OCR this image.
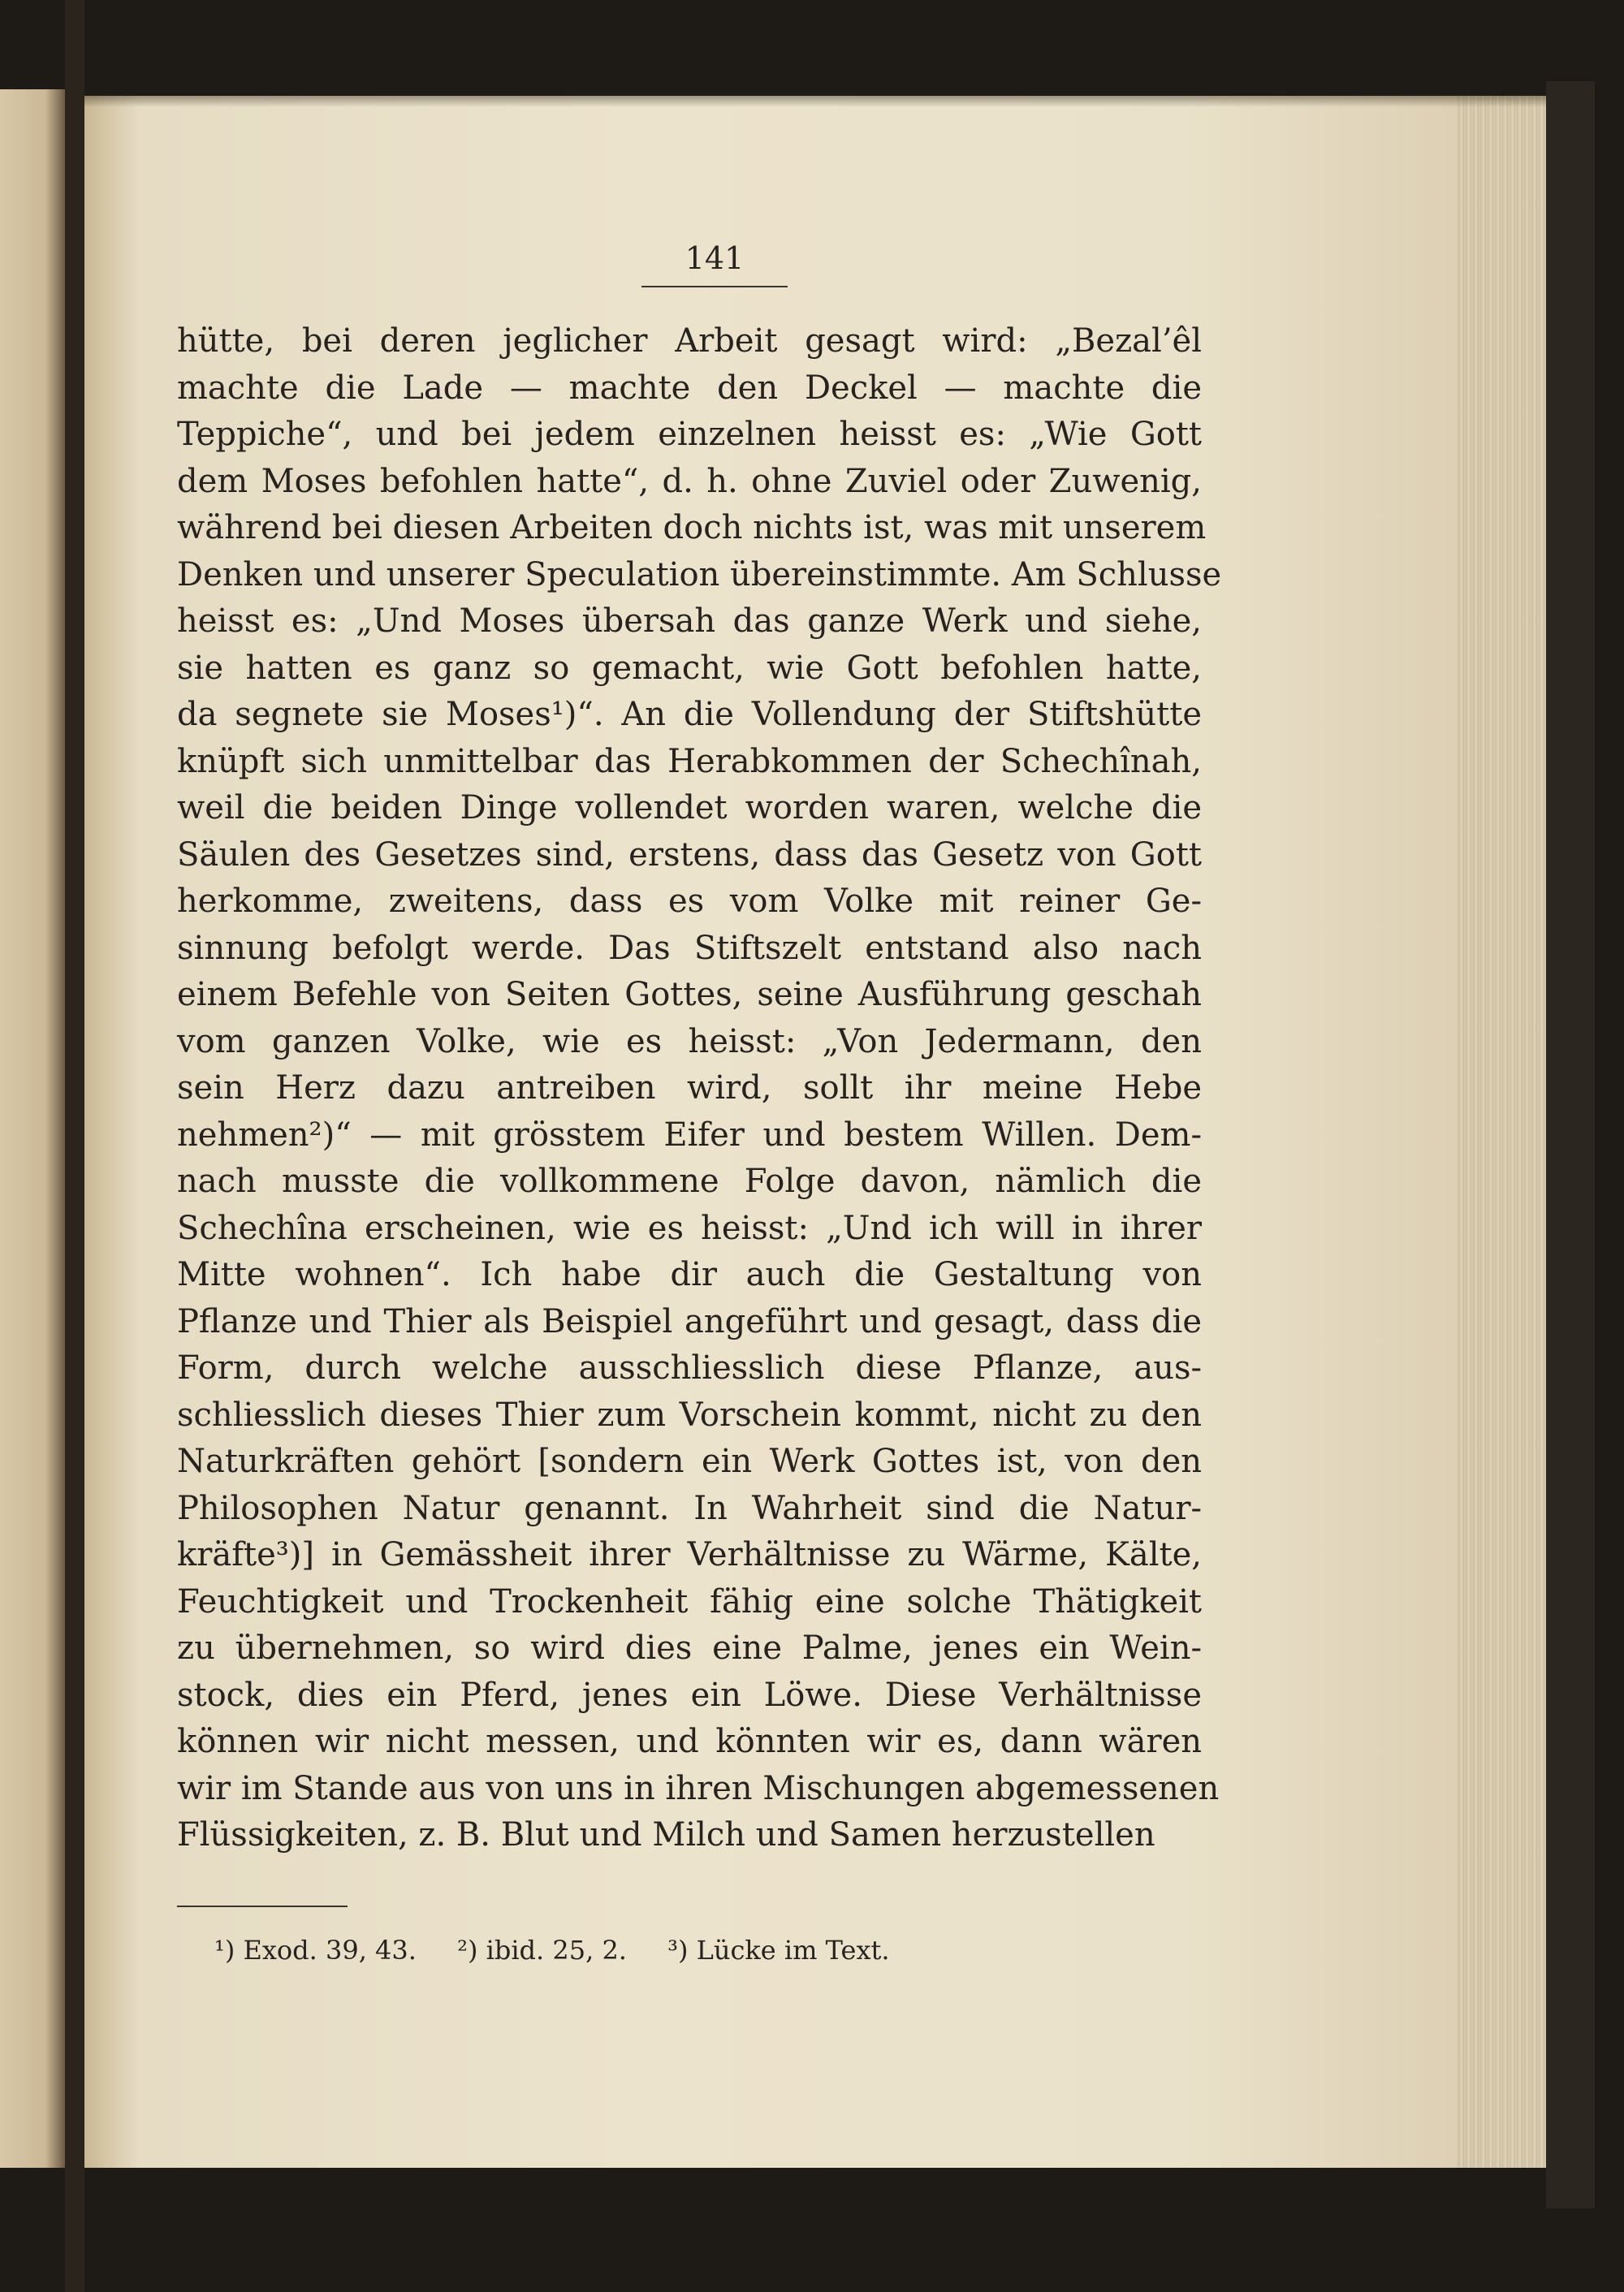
141
hütte, bei deren jeglicher Arbeit gesagt wird: „Bezal’êl
machte die Lade — machte den Deckel — machte die
Teppiche“, und bei jedem einzelnen heisst es: „Wie Gott
dem Moses befohlen hatte“, d. h. ohne Zuviel oder Zuwenig,
während bei diesen Arbeiten doch nichts ist, was mit unserem
Denken und unserer Speculation übereinstimmte. Am Schlusse
heisst es: „Und Moses übersah das ganze Werk und siehe,
sie hatten es ganz so gemacht, wie Gott befohlen hatte,
da segnete sie Moses¹)“. An die Vollendung der Stiftshütte
knüpft sich unmittelbar das Herabkommen der Schechînah,
weil die beiden Dinge vollendet worden waren, welche die
Säulen des Gesetzes sind, erstens, dass das Gesetz von Gott
herkomme, zweitens, dass es vom Volke mit reiner Ge-
sinnung befolgt werde. Das Stiftszelt entstand also nach
einem Befehle von Seiten Gottes, seine Ausführung geschah
vom ganzen Volke, wie es heisst: „Von Jedermann, den
sein Herz dazu antreiben wird, sollt ihr meine Hebe
nehmen²)“ — mit grösstem Eifer und bestem Willen. Dem-
nach musste die vollkommene Folge davon, nämlich die
Schechîna erscheinen, wie es heisst: „Und ich will in ihrer
Mitte wohnen“. Ich habe dir auch die Gestaltung von
Pflanze und Thier als Beispiel angeführt und gesagt, dass die
Form, durch welche ausschliesslich diese Pflanze, aus-
schliesslich dieses Thier zum Vorschein kommt, nicht zu den
Naturkräften gehört [sondern ein Werk Gottes ist, von den
Philosophen Natur genannt. In Wahrheit sind die Natur-
kräfte³)] in Gemässheit ihrer Verhältnisse zu Wärme, Kälte,
Feuchtigkeit und Trockenheit fähig eine solche Thätigkeit
zu übernehmen, so wird dies eine Palme, jenes ein Wein-
stock, dies ein Pferd, jenes ein Löwe. Diese Verhältnisse
können wir nicht messen, und könnten wir es, dann wären
wir im Stande aus von uns in ihren Mischungen abgemessenen
Flüssigkeiten, z. B. Blut und Milch und Samen herzustellen
¹) Exod. 39, 43. ²) ibid. 25, 2. ³) Lücke im Text.
